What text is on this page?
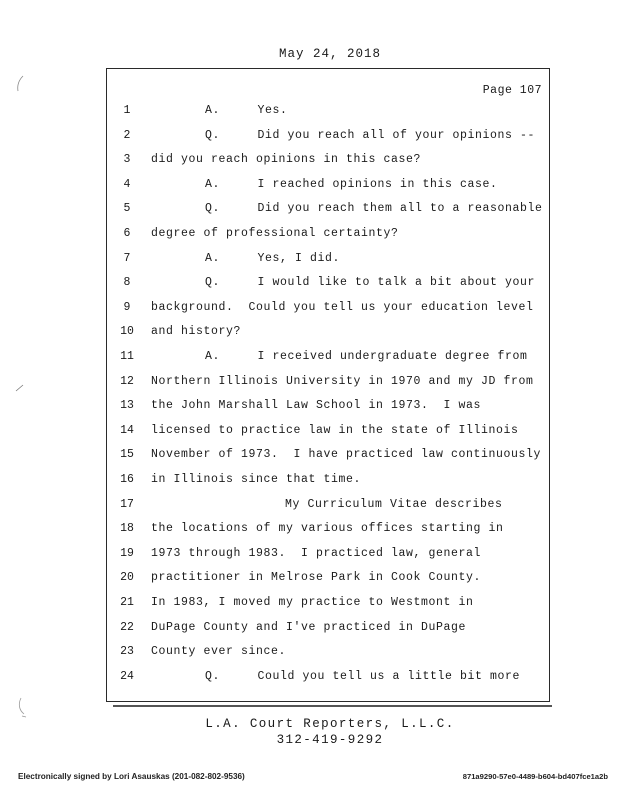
May 24, 2018
Page 107
1	A.     Yes.
2	Q.     Did you reach all of your opinions --
3	did you reach opinions in this case?
4	A.     I reached opinions in this case.
5	Q.     Did you reach them all to a reasonable
6	degree of professional certainty?
7	A.     Yes, I did.
8	Q.     I would like to talk a bit about your
9	background.  Could you tell us your education level
10	and history?
11	A.     I received undergraduate degree from
12	Northern Illinois University in 1970 and my JD from
13	the John Marshall Law School in 1973.  I was
14	licensed to practice law in the state of Illinois
15	November of 1973.  I have practiced law continuously
16	in Illinois since that time.
17	My Curriculum Vitae describes
18	the locations of my various offices starting in
19	1973 through 1983.  I practiced law, general
20	practitioner in Melrose Park in Cook County.
21	In 1983, I moved my practice to Westmont in
22	DuPage County and I've practiced in DuPage
23	County ever since.
24	Q.     Could you tell us a little bit more
L.A. Court Reporters, L.L.C.
312-419-9292
Electronically signed by Lori Asauskas (201-082-802-9536)	871a9290-57e0-4489-b604-bd407fce1a2b
